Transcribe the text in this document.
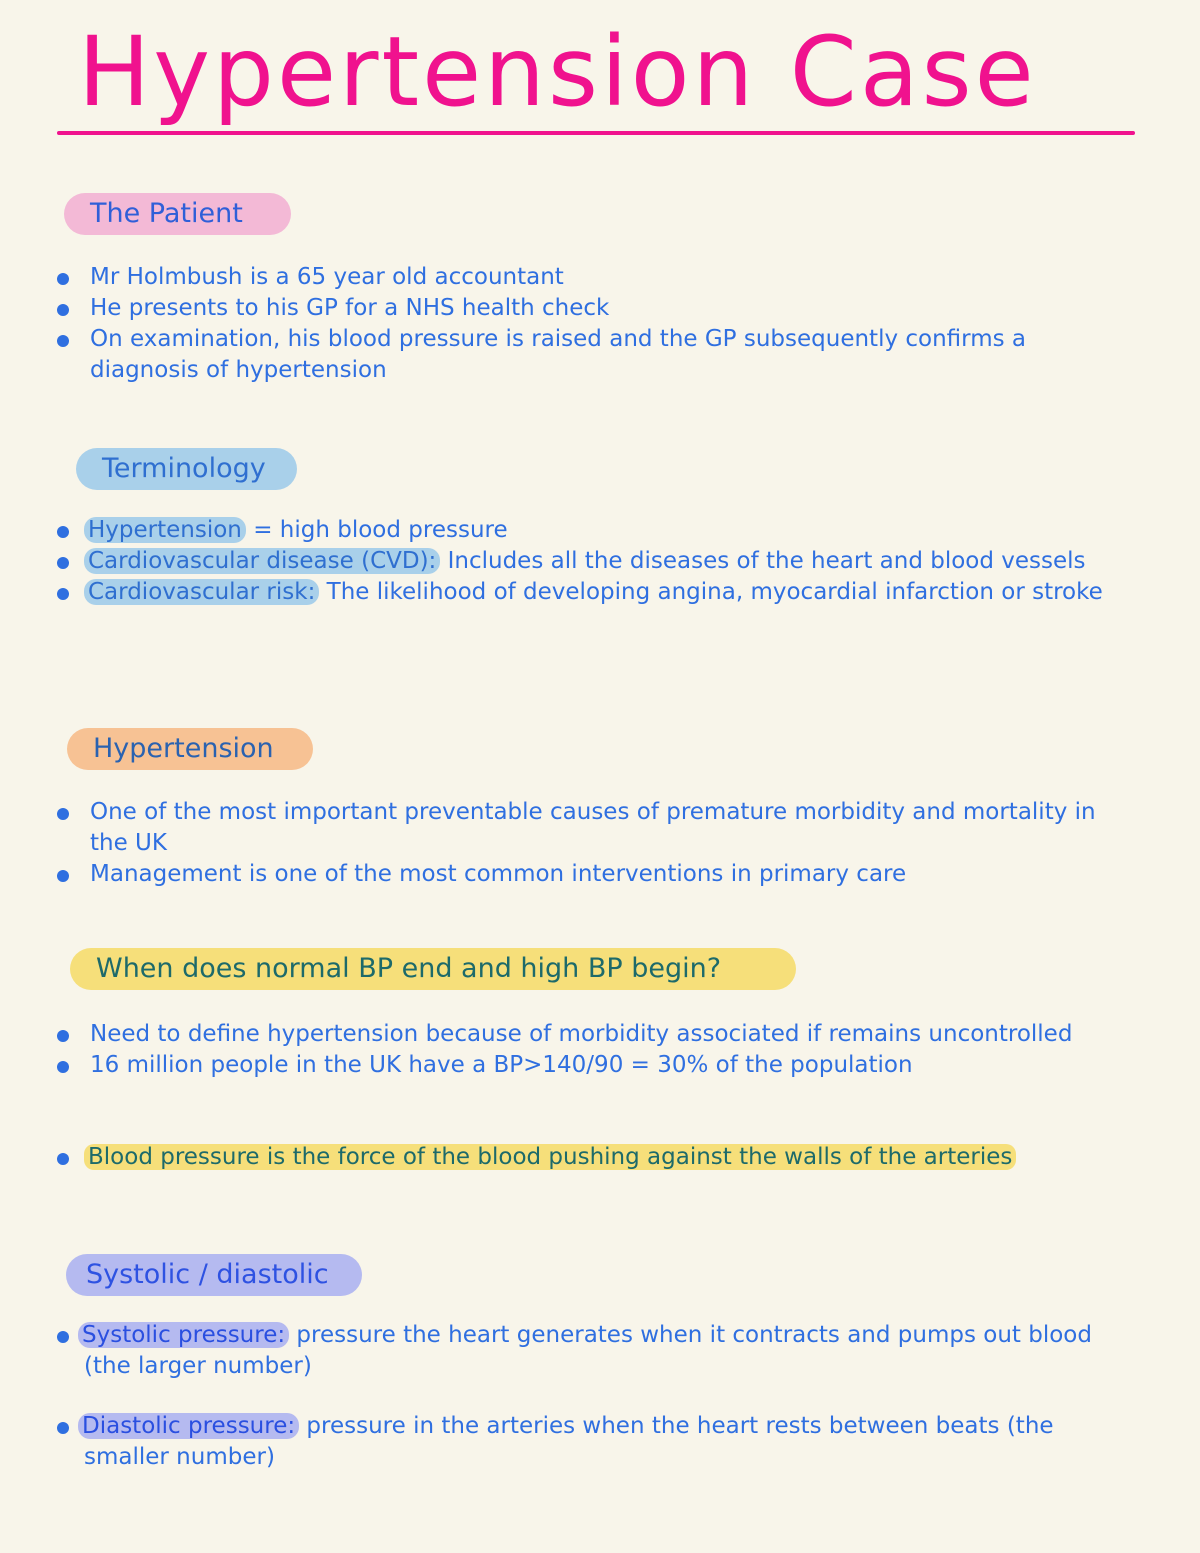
Hypertension Case
The Patient
Mr Holmbush is a 65 year old accountant
He presents to his GP for a NHS health check
On examination, his blood pressure is raised and the GP subsequently confirms a diagnosis of hypertension
Terminology
Hypertension = high blood pressure
Cardiovascular disease (CVD): Includes all the diseases of the heart and blood vessels
Cardiovascular risk: The likelihood of developing angina, myocardial infarction or stroke
Hypertension
One of the most important preventable causes of premature morbidity and mortality in the UK
Management is one of the most common interventions in primary care
When does normal BP end and high BP begin?
Need to define hypertension because of morbidity associated if remains uncontrolled
16 million people in the UK have a BP>140/90 = 30% of the population
Blood pressure is the force of the blood pushing against the walls of the arteries
Systolic / diastolic
Systolic pressure: pressure the heart generates when it contracts and pumps out blood (the larger number)
Diastolic pressure: pressure in the arteries when the heart rests between beats (the smaller number)
